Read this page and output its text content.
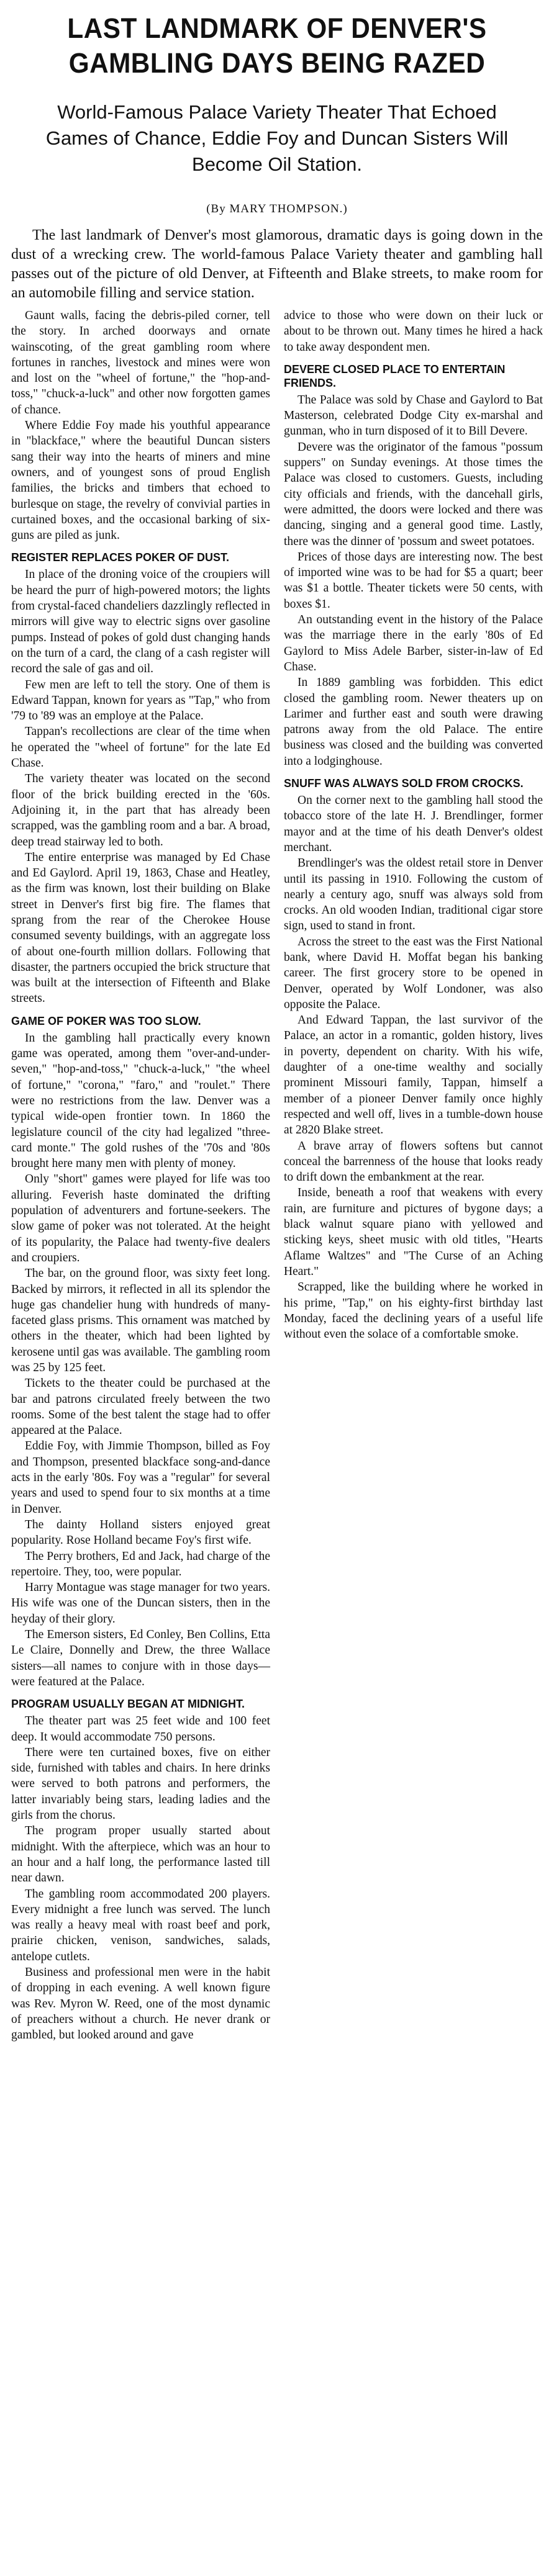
LAST LANDMARK OF DENVER'S
GAMBLING DAYS BEING RAZED
World-Famous Palace Variety Theater That Echoed Games of Chance, Eddie Foy and Duncan Sisters Will Become Oil Station.
(By MARY THOMPSON.)

The last landmark of Denver's most glamorous, dramatic days is going down in the dust of a wrecking crew. The world-famous Palace Variety theater and gambling hall passes out of the picture of old Denver, at Fifteenth and Blake streets, to make room for an automobile filling and service station.

Gaunt walls, facing the debris-piled corner, tell the story. In arched doorways and ornate wainscoting, of the great gambling room where fortunes in ranches, livestock and mines were won and lost on the "wheel of fortune," the "hop-and-toss," "chuck-a-luck" and other now forgotten games of chance.

Where Eddie Foy made his youthful appearance in "blackface," where the beautiful Duncan sisters sang their way into the hearts of miners and mine owners, and of youngest sons of proud English families, the bricks and timbers that echoed to burlesque on stage, the revelry of convivial parties in curtained boxes, and the occasional barking of six-guns are piled as junk.

REGISTER REPLACES POKER OF DUST.

In place of the droning voice of the croupiers will be heard the purr of high-powered motors; the lights from crystal-faced chandeliers dazzlingly reflected in mirrors will give way to electric signs over gasoline pumps. Instead of pokes of gold dust changing hands on the turn of a card, the clang of a cash register will record the sale of gas and oil.

Few men are left to tell the story. One of them is Edward Tappan, known for years as "Tap," who from '79 to '89 was an employe at the Palace.

Tappan's recollections are clear of the time when he operated the "wheel of fortune" for the late Ed Chase.

The variety theater was located on the second floor of the brick building erected in the '60s. Adjoining it, in the part that has already been scrapped, was the gambling room and a bar. A broad, deep tread stairway led to both.

The entire enterprise was managed by Ed Chase and Ed Gaylord. April 19, 1863, Chase and Heatley, as the firm was known, lost their building on Blake street in Denver's first big fire. The flames that sprang from the rear of the Cherokee House consumed seventy buildings, with an aggregate loss of about one-fourth million dollars. Following that disaster, the partners occupied the brick structure that was built at the intersection of Fifteenth and Blake streets.

GAME OF POKER WAS TOO SLOW.

In the gambling hall practically every known game was operated, among them "over-and-under-seven," "hop-and-toss," "chuck-a-luck," "the wheel of fortune," "corona," "faro," and "roulet." There were no restrictions from the law. Denver was a typical wide-open frontier town. In 1860 the legislature council of the city had legalized "three-card monte." The gold rushes of the '70s and '80s brought here many men with plenty of money.

Only "short" games were played for life was too alluring. Feverish haste dominated the drifting population of adventurers and fortune-seekers. The slow game of poker was not tolerated. At the height of its popularity, the Palace had twenty-five dealers and croupiers.

The bar, on the ground floor, was sixty feet long. Backed by mirrors, it reflected in all its splendor the huge gas chandelier hung with hundreds of many-faceted glass prisms. This ornament was matched by others in the theater, which had been lighted by kerosene until gas was available. The gambling room was 25 by 125 feet.

Tickets to the theater could be purchased at the bar and patrons circulated freely between the two rooms. Some of the best talent the stage had to offer appeared at the Palace.

Eddie Foy, with Jimmie Thompson, billed as Foy and Thompson, presented blackface song-and-dance acts in the early '80s. Foy was a "regular" for several years and used to spend four to six months at a time in Denver.

The dainty Holland sisters enjoyed great popularity. Rose Holland became Foy's first wife.

The Perry brothers, Ed and Jack, had charge of the repertoire. They, too, were popular.

Harry Montague was stage manager for two years. His wife was one of the Duncan sisters, then in the heyday of their glory.

The Emerson sisters, Ed Conley, Ben Collins, Etta Le Claire, Donnelly and Drew, the three Wallace sisters—all names to conjure with in those days—were featured at the Palace.

PROGRAM USUALLY BEGAN AT MIDNIGHT.

The theater part was 25 feet wide and 100 feet deep. It would accommodate 750 persons.

There were ten curtained boxes, five on either side, furnished with tables and chairs. In here drinks were served to both patrons and performers, the latter invariably being stars, leading ladies and the girls from the chorus.

The program proper usually started about midnight. With the afterpiece, which was an hour to an hour and a half long, the performance lasted till near dawn.

The gambling room accommodated 200 players. Every midnight a free lunch was served. The lunch was really a heavy meal with roast beef and pork, prairie chicken, venison, sandwiches, salads, antelope cutlets.

Business and professional men were in the habit of dropping in each evening. A well known figure was Rev. Myron W. Reed, one of the most dynamic of preachers without a church. He never drank or gambled, but looked around and gave

advice to those who were down on their luck or about to be thrown out. Many times he hired a hack to take away despondent men.

DEVERE CLOSED PLACE TO ENTERTAIN FRIENDS.

The Palace was sold by Chase and Gaylord to Bat Masterson, celebrated Dodge City ex-marshal and gunman, who in turn disposed of it to Bill Devere.

Devere was the originator of the famous "possum suppers" on Sunday evenings. At those times the Palace was closed to customers. Guests, including city officials and friends, with the dancehall girls, were admitted, the doors were locked and there was dancing, singing and a general good time. Lastly, there was the dinner of 'possum and sweet potatoes.

Prices of those days are interesting now. The best of imported wine was to be had for $5 a quart; beer was $1 a bottle. Theater tickets were 50 cents, with boxes $1.

An outstanding event in the history of the Palace was the marriage there in the early '80s of Ed Gaylord to Miss Adele Barber, sister-in-law of Ed Chase.

In 1889 gambling was forbidden. This edict closed the gambling room. Newer theaters up on Larimer and further east and south were drawing patrons away from the old Palace. The entire business was closed and the building was converted into a lodginghouse.

SNUFF WAS ALWAYS SOLD FROM CROCKS.

On the corner next to the gambling hall stood the tobacco store of the late H. J. Brendlinger, former mayor and at the time of his death Denver's oldest merchant.

Brendlinger's was the oldest retail store in Denver until its passing in 1910. Following the custom of nearly a century ago, snuff was always sold from crocks. An old wooden Indian, traditional cigar store sign, used to stand in front.

Across the street to the east was the First National bank, where David H. Moffat began his banking career. The first grocery store to be opened in Denver, operated by Wolf Londoner, was also opposite the Palace.

And Edward Tappan, the last survivor of the Palace, an actor in a romantic, golden history, lives in poverty, dependent on charity. With his wife, daughter of a one-time wealthy and socially prominent Missouri family, Tappan, himself a member of a pioneer Denver family once highly respected and well off, lives in a tumble-down house at 2820 Blake street.

A brave array of flowers softens but cannot conceal the barrenness of the house that looks ready to drift down the embankment at the rear.

Inside, beneath a roof that weakens with every rain, are furniture and pictures of bygone days; a black walnut square piano with yellowed and sticking keys, sheet music with old titles, "Hearts Aflame Waltzes" and "The Curse of an Aching Heart."

Scrapped, like the building where he worked in his prime, "Tap," on his eighty-first birthday last Monday, faced the declining years of a useful life without even the solace of a comfortable smoke.
